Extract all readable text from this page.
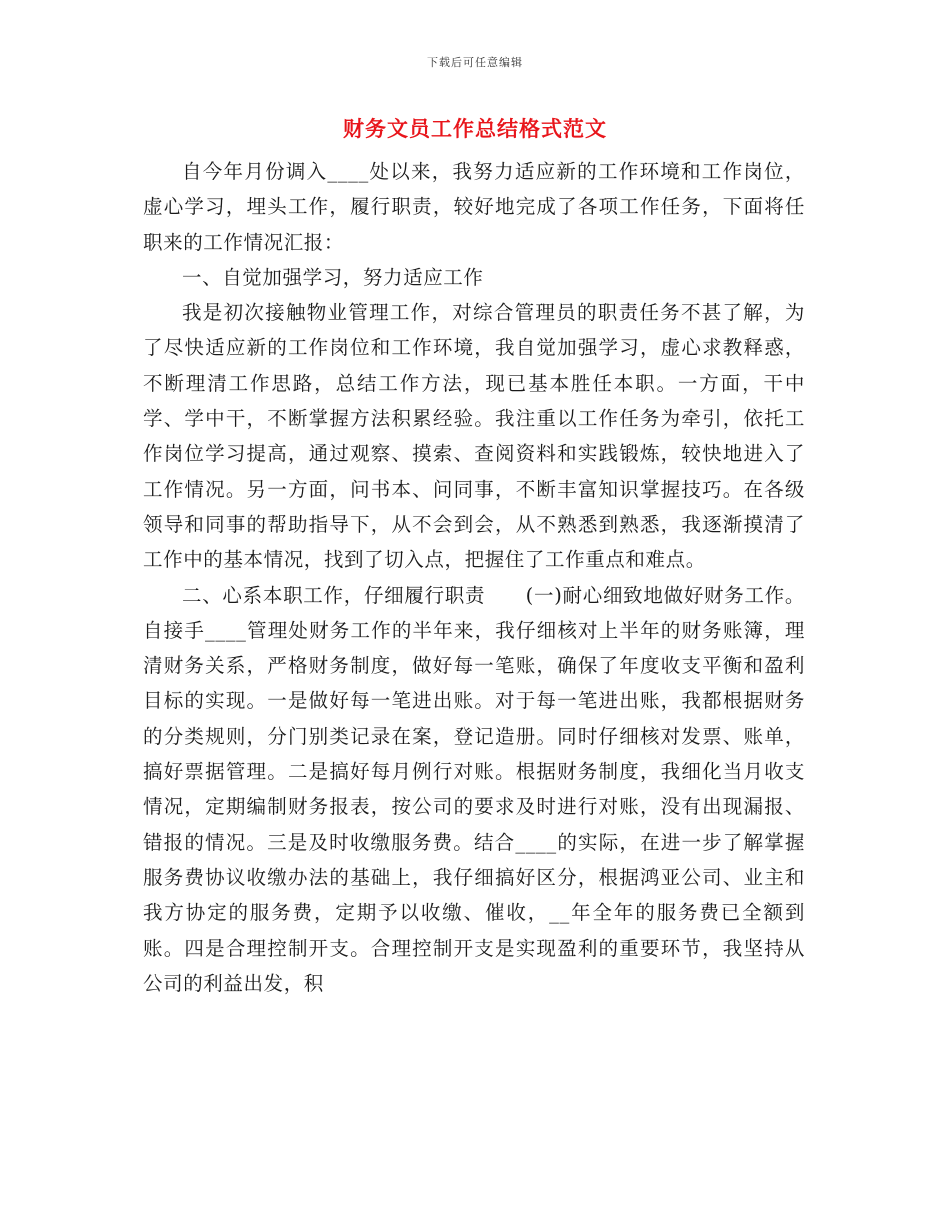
下载后可任意编辑
财务文员工作总结格式范文

自今年月份调入____处以来，我努力适应新的工作环境和工作岗位，虚心学习，埋头工作，履行职责，较好地完成了各项工作任务，下面将任职来的工作情况汇报：

一、自觉加强学习，努力适应工作

我是初次接触物业管理工作，对综合管理员的职责任务不甚了解，为了尽快适应新的工作岗位和工作环境，我自觉加强学习，虚心求教释惑，不断理清工作思路，总结工作方法，现已基本胜任本职。一方面，干中学、学中干，不断掌握方法积累经验。我注重以工作任务为牵引，依托工作岗位学习提高，通过观察、摸索、查阅资料和实践锻炼，较快地进入了工作情况。另一方面，问书本、问同事，不断丰富知识掌握技巧。在各级领导和同事的帮助指导下，从不会到会，从不熟悉到熟悉，我逐渐摸清了工作中的基本情况，找到了切入点，把握住了工作重点和难点。

二、心系本职工作，仔细履行职责　　(一)耐心细致地做好财务工作。自接手____管理处财务工作的半年来，我仔细核对上半年的财务账簿，理清财务关系，严格财务制度，做好每一笔账，确保了年度收支平衡和盈利目标的实现。一是做好每一笔进出账。对于每一笔进出账，我都根据财务的分类规则，分门别类记录在案，登记造册。同时仔细核对发票、账单，搞好票据管理。二是搞好每月例行对账。根据财务制度，我细化当月收支情况，定期编制财务报表，按公司的要求及时进行对账，没有出现漏报、错报的情况。三是及时收缴服务费。结合____的实际，在进一步了解掌握服务费协议收缴办法的基础上，我仔细搞好区分，根据鸿亚公司、业主和我方协定的服务费，定期予以收缴、催收，__年全年的服务费已全额到账。四是合理控制开支。合理控制开支是实现盈利的重要环节，我坚持从公司的利益出发，积
